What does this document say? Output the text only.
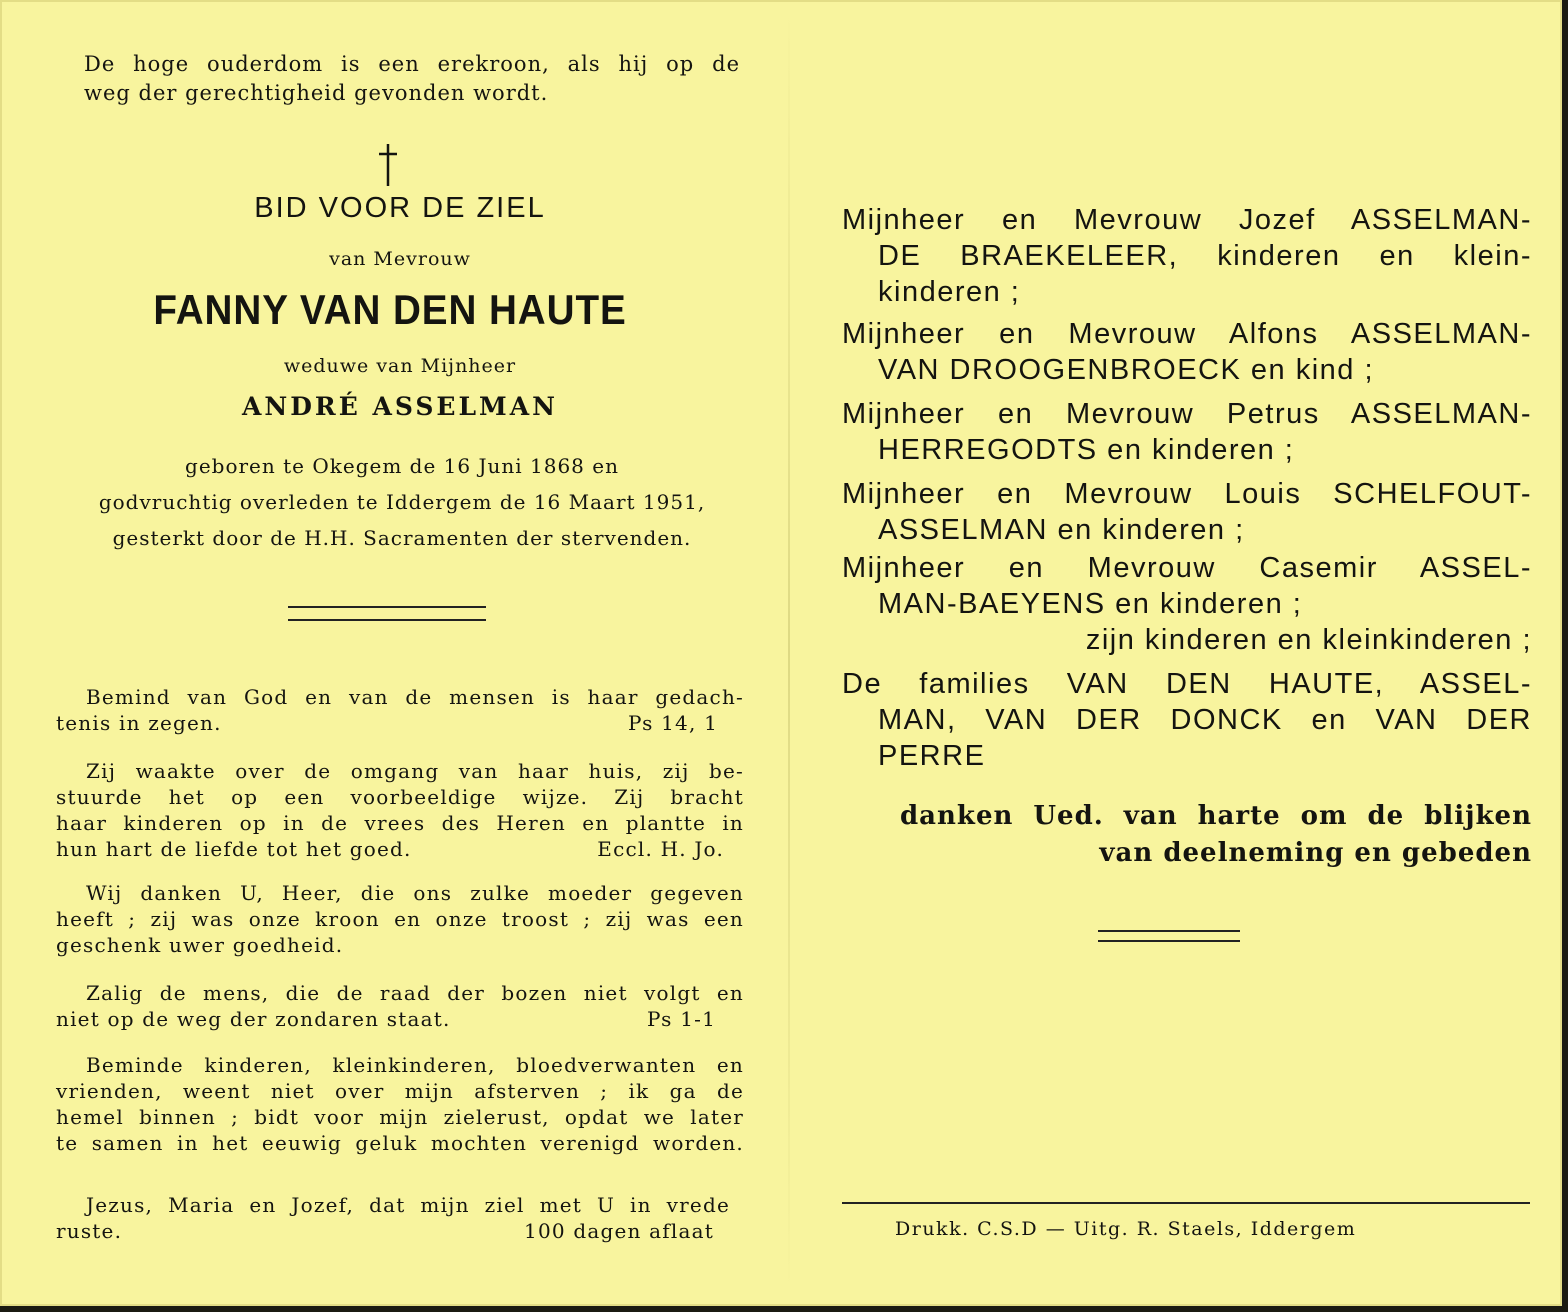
De hoge ouderdom is een erekroon, als hij op de
weg der gerechtigheid gevonden wordt.
BID VOOR DE ZIEL
van Mevrouw
FANNY VAN DEN HAUTE
weduwe van Mijnheer
ANDRÉ ASSELMAN
geboren te Okegem de 16 Juni 1868 en
godvruchtig overleden te Iddergem de 16 Maart 1951,
gesterkt door de H.H. Sacramenten der stervenden.
Bemind van God en van de mensen is haar gedach-
tenis in zegen.	Ps 14, 1
Zij waakte over de omgang van haar huis, zij be-
stuurde het op een voorbeeldige wijze. Zij bracht
haar kinderen op in de vrees des Heren en plantte in
hun hart de liefde tot het goed.	Eccl. H. Jo.
Wij danken U, Heer, die ons zulke moeder gegeven
heeft ; zij was onze kroon en onze troost ; zij was een
geschenk uwer goedheid.
Zalig de mens, die de raad der bozen niet volgt en
niet op de weg der zondaren staat.	Ps 1-1
Beminde kinderen, kleinkinderen, bloedverwanten en
vrienden, weent niet over mijn afsterven ; ik ga de
hemel binnen ; bidt voor mijn zielerust, opdat we later
te samen in het eeuwig geluk mochten verenigd worden.
Jezus, Maria en Jozef, dat mijn ziel met U in vrede
ruste.	100 dagen aflaat
Mijnheer en Mevrouw Jozef ASSELMAN-
DE BRAEKELEER, kinderen en klein-
kinderen ;
Mijnheer en Mevrouw Alfons ASSELMAN-
VAN DROOGENBROECK en kind ;
Mijnheer en Mevrouw Petrus ASSELMAN-
HERREGODTS en kinderen ;
Mijnheer en Mevrouw Louis SCHELFOUT-
ASSELMAN en kinderen ;
Mijnheer en Mevrouw Casemir ASSEL-
MAN-BAEYENS en kinderen ;
zijn kinderen en kleinkinderen ;
De families VAN DEN HAUTE, ASSEL-
MAN, VAN DER DONCK en VAN DER
PERRE
danken Ued. van harte om de blijken
van deelneming en gebeden
Drukk. C.S.D — Uitg. R. Staels, Iddergem
